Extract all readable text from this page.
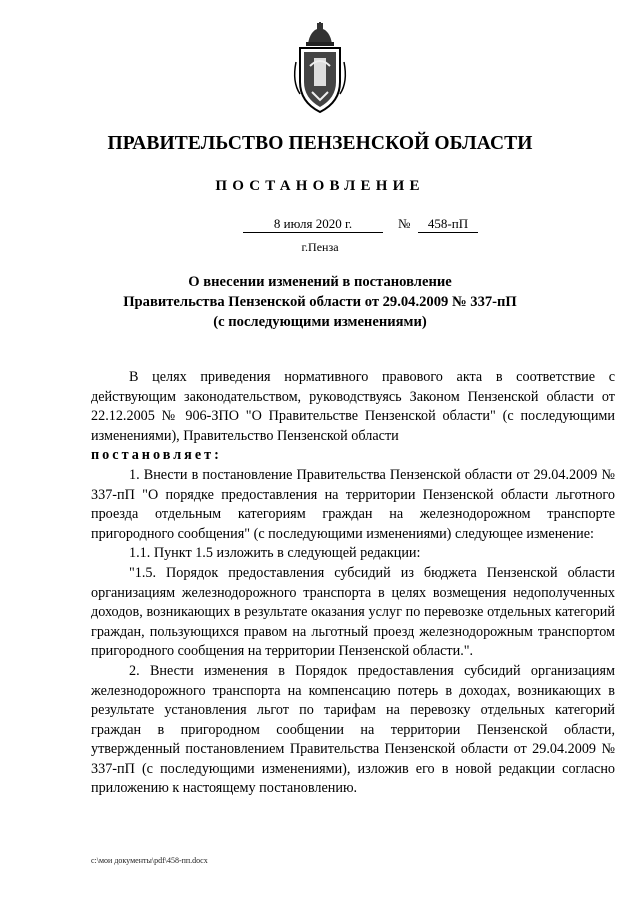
ПРАВИТЕЛЬСТВО ПЕНЗЕНСКОЙ ОБЛАСТИ
ПОСТАНОВЛЕНИЕ
8 июля 2020 г.	№	458-пП
г.Пенза
О внесении изменений в постановление
Правительства Пензенской области от 29.04.2009 № 337-пП
(с последующими изменениями)

В целях приведения нормативного правового акта в соответствие с действующим законодательством, руководствуясь Законом Пензенской области от 22.12.2005 № 906-ЗПО "О Правительстве Пензенской области" (с последующими изменениями), Правительство Пензенской области

постановляет:

1. Внести в постановление Правительства Пензенской области от 29.04.2009 № 337-пП "О порядке предоставления на территории Пензенской области льготного проезда отдельным категориям граждан на железнодорожном транспорте пригородного сообщения" (с последующими изменениями) следующее изменение:

1.1. Пункт 1.5 изложить в следующей редакции:

"1.5. Порядок предоставления субсидий из бюджета Пензенской области организациям железнодорожного транспорта в целях возмещения недополученных доходов, возникающих в результате оказания услуг по перевозке отдельных категорий граждан, пользующихся правом на льготный проезд железнодорожным транспортом пригородного сообщения на территории Пензенской области.".

2. Внести изменения в Порядок предоставления субсидий организациям железнодорожного транспорта на компенсацию потерь в доходах, возникающих в результате установления льгот по тарифам на перевозку отдельных категорий граждан в пригородном сообщении на территории Пензенской области, утвержденный постановлением Правительства Пензенской области от 29.04.2009 № 337-пП (с последующими изменениями), изложив его в новой редакции согласно приложению к настоящему постановлению.

c:\мои документы\pdf\458-пп.docx
